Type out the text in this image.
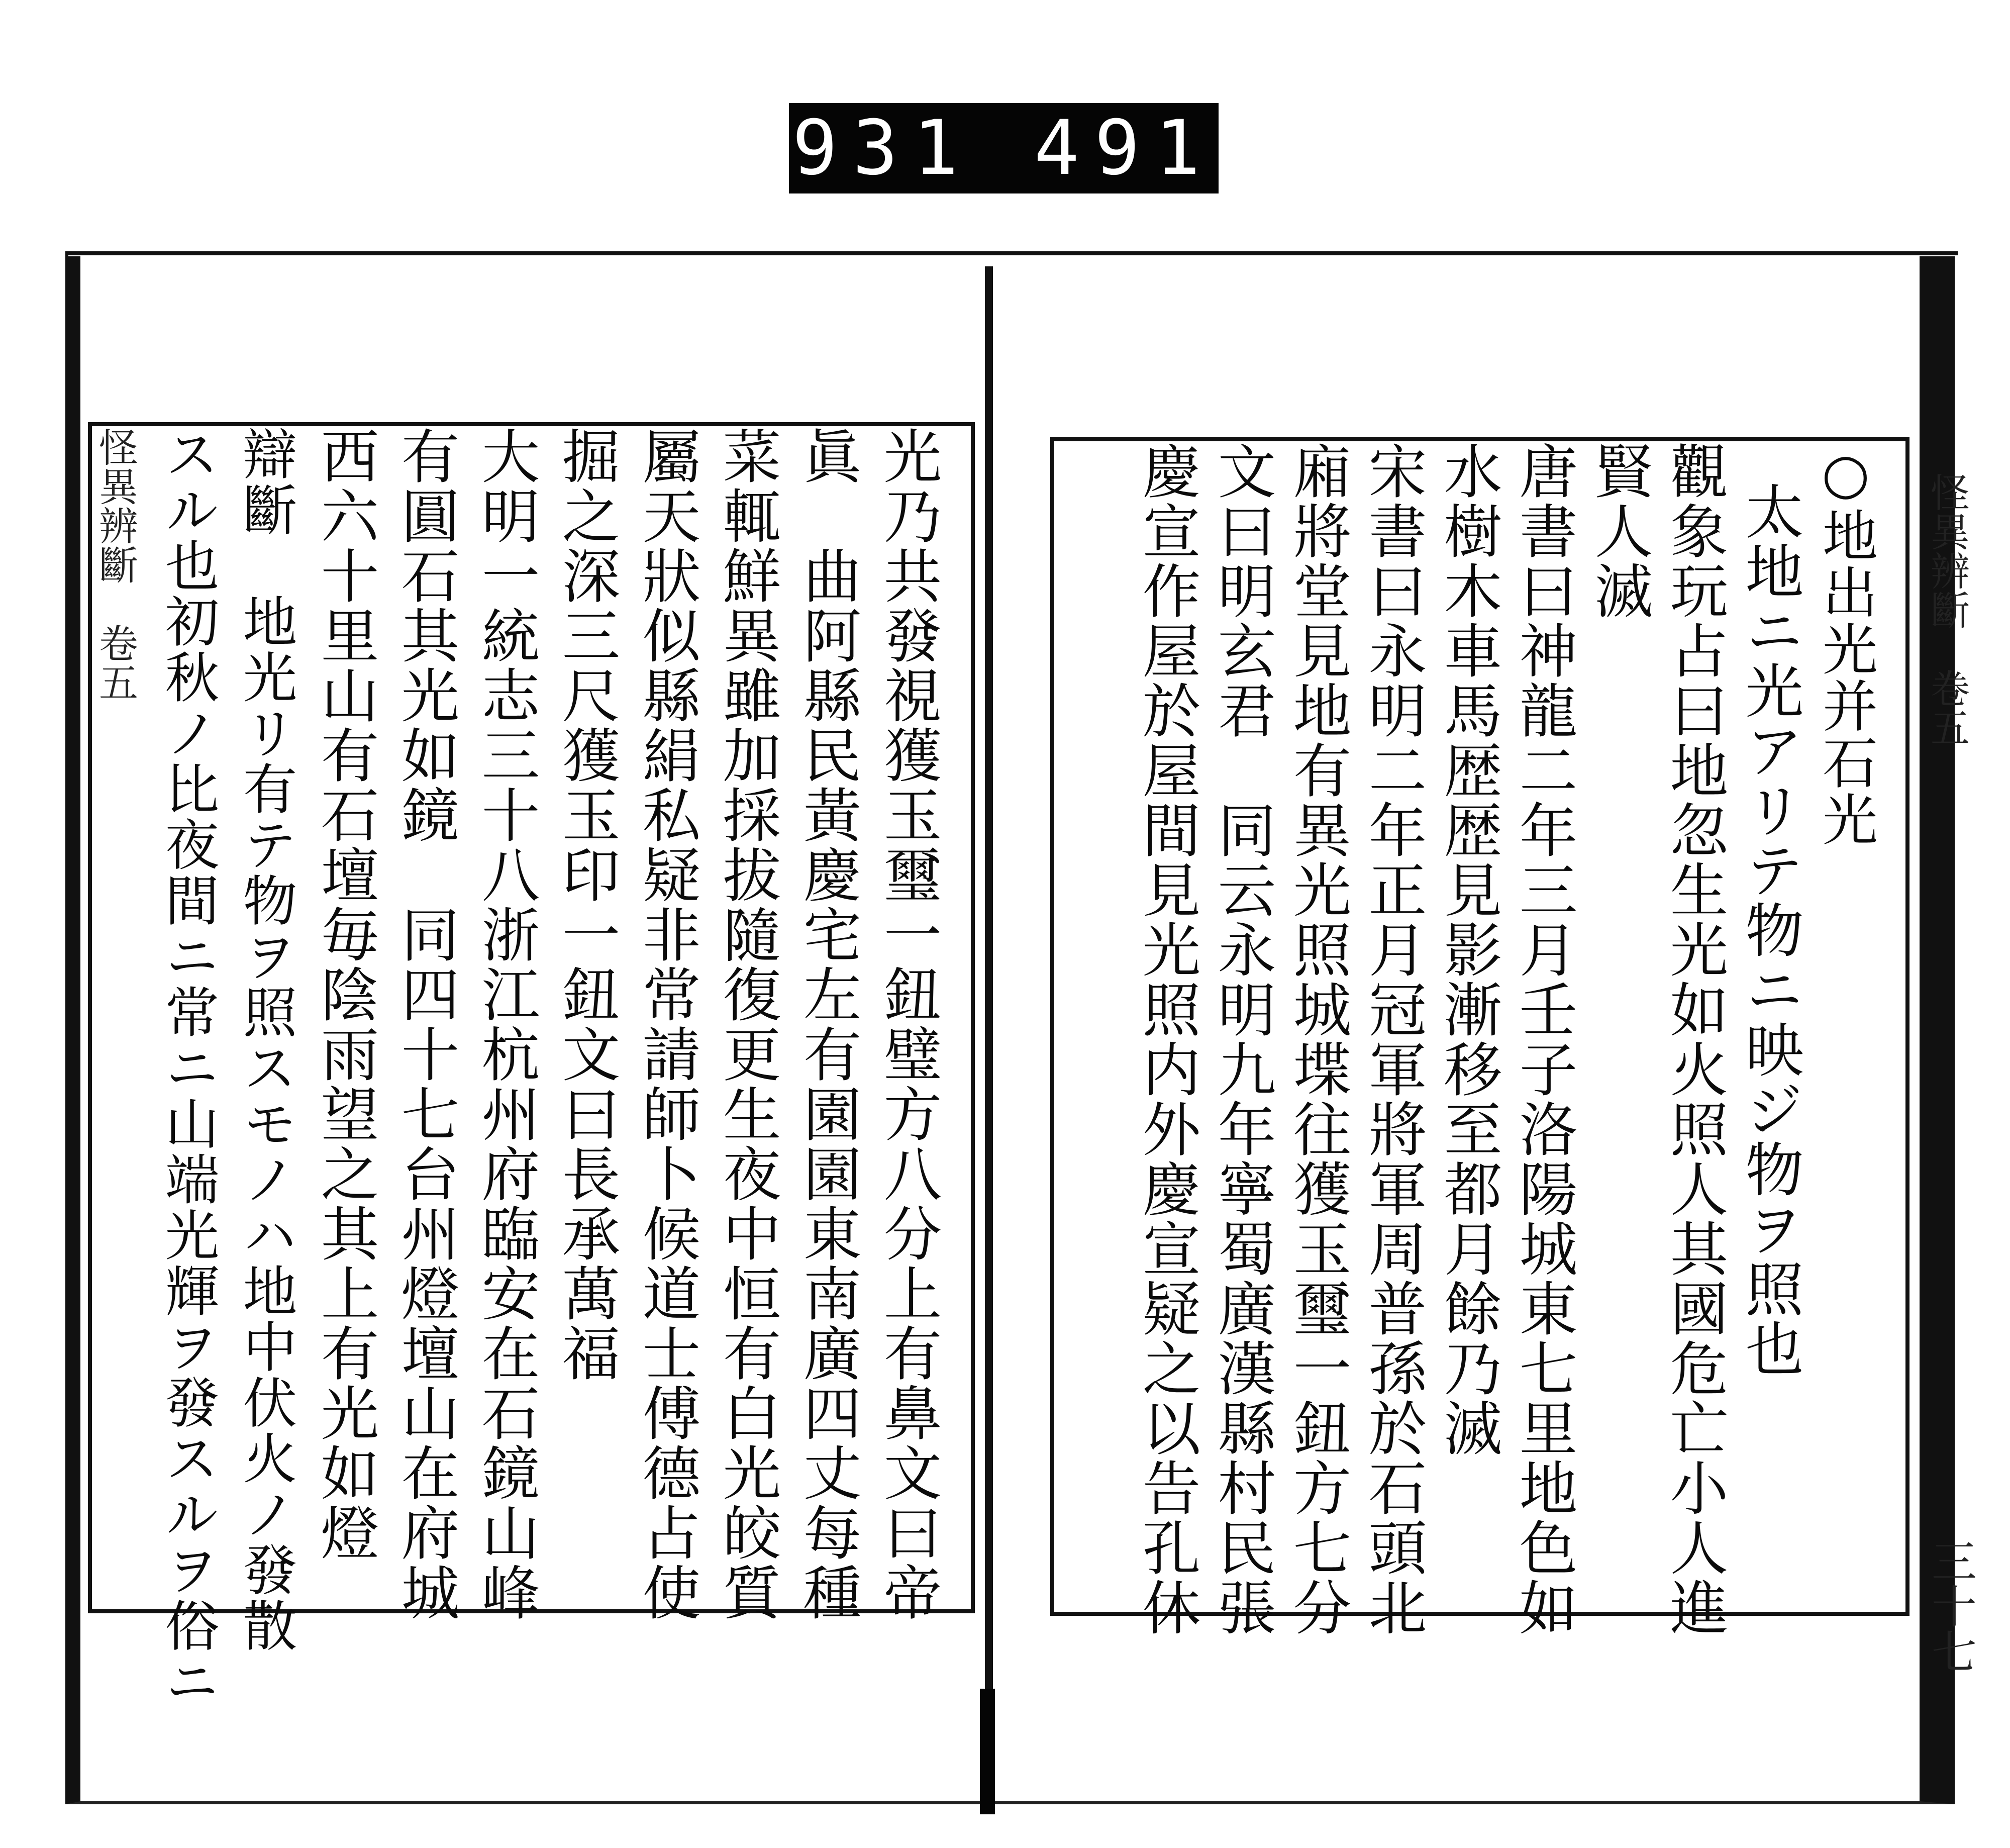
931 491
怪異辨斷　卷五	怪異辨斷　卷五
三十七
光乃共發視獲玉璽一鈕璧方八分上有鼻文曰帝
眞　曲阿縣民黃慶宅左有園園東南廣四丈每種
菜輒鮮異雖加採拔隨復更生夜中恒有白光皎質
屬天狀似縣絹私疑非常請師卜候道士傅德占使
掘之深三尺獲玉印一鈕文曰長承萬福
大明一統志三十八浙江杭州府臨安在石鏡山峰
有圓石其光如鏡　同四十七台州燈壇山在府城
西六十里山有石壇毎陰雨望之其上有光如燈
辯斷　地光リ有テ物ヲ照スモノハ地中伏火ノ發散
スル也初秋ノ比夜間ニ常ニ山端光輝ヲ發スルヲ俗ニ	○地出光并石光
太地ニ光アリテ物ニ映ジ物ヲ照也
觀象玩占曰地忽生光如火照人其國危亡小人進
賢人滅
唐書曰神龍二年三月壬子洛陽城東七里地色如
水樹木車馬歴歴見影漸移至都月餘乃滅
宋書曰永明二年正月冠軍將軍周普孫於石頭北
廂將堂見地有異光照城堞往獲玉璽一鈕方七分
文曰明玄君　同云永明九年寧蜀廣漢縣村民張
慶宣作屋於屋間見光照内外慶宣疑之以告孔休
